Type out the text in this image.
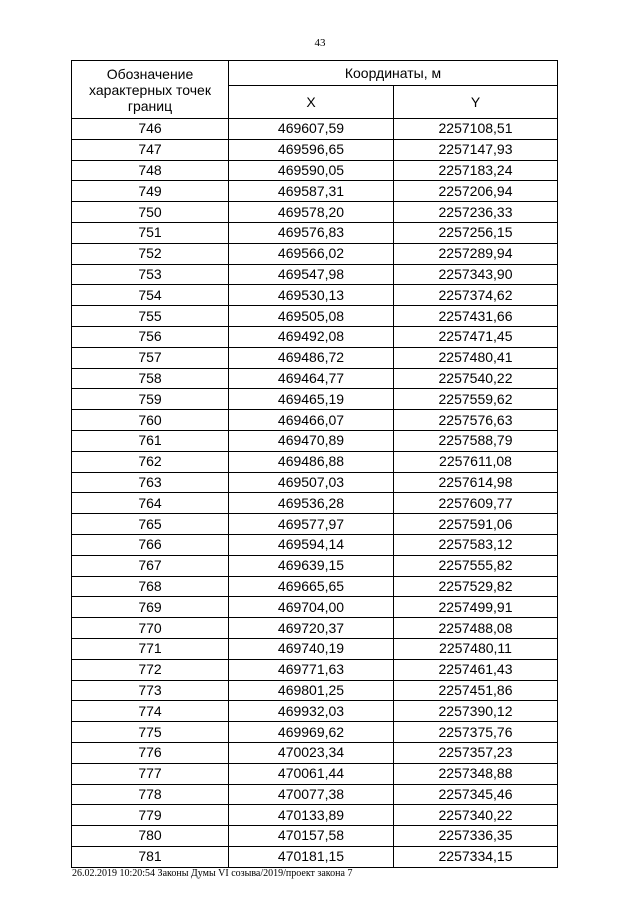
43
Обозначение характерных точек границ	Координаты, м	
	X	Y
746	469607,59	2257108,51
747	469596,65	2257147,93
748	469590,05	2257183,24
749	469587,31	2257206,94
750	469578,20	2257236,33
751	469576,83	2257256,15
752	469566,02	2257289,94
753	469547,98	2257343,90
754	469530,13	2257374,62
755	469505,08	2257431,66
756	469492,08	2257471,45
757	469486,72	2257480,41
758	469464,77	2257540,22
759	469465,19	2257559,62
760	469466,07	2257576,63
761	469470,89	2257588,79
762	469486,88	2257611,08
763	469507,03	2257614,98
764	469536,28	2257609,77
765	469577,97	2257591,06
766	469594,14	2257583,12
767	469639,15	2257555,82
768	469665,65	2257529,82
769	469704,00	2257499,91
770	469720,37	2257488,08
771	469740,19	2257480,11
772	469771,63	2257461,43
773	469801,25	2257451,86
774	469932,03	2257390,12
775	469969,62	2257375,76
776	470023,34	2257357,23
777	470061,44	2257348,88
778	470077,38	2257345,46
779	470133,89	2257340,22
780	470157,58	2257336,35
781	470181,15	2257334,15
26.02.2019 10:20:54 Законы Думы VI созыва/2019/проект закона 7
